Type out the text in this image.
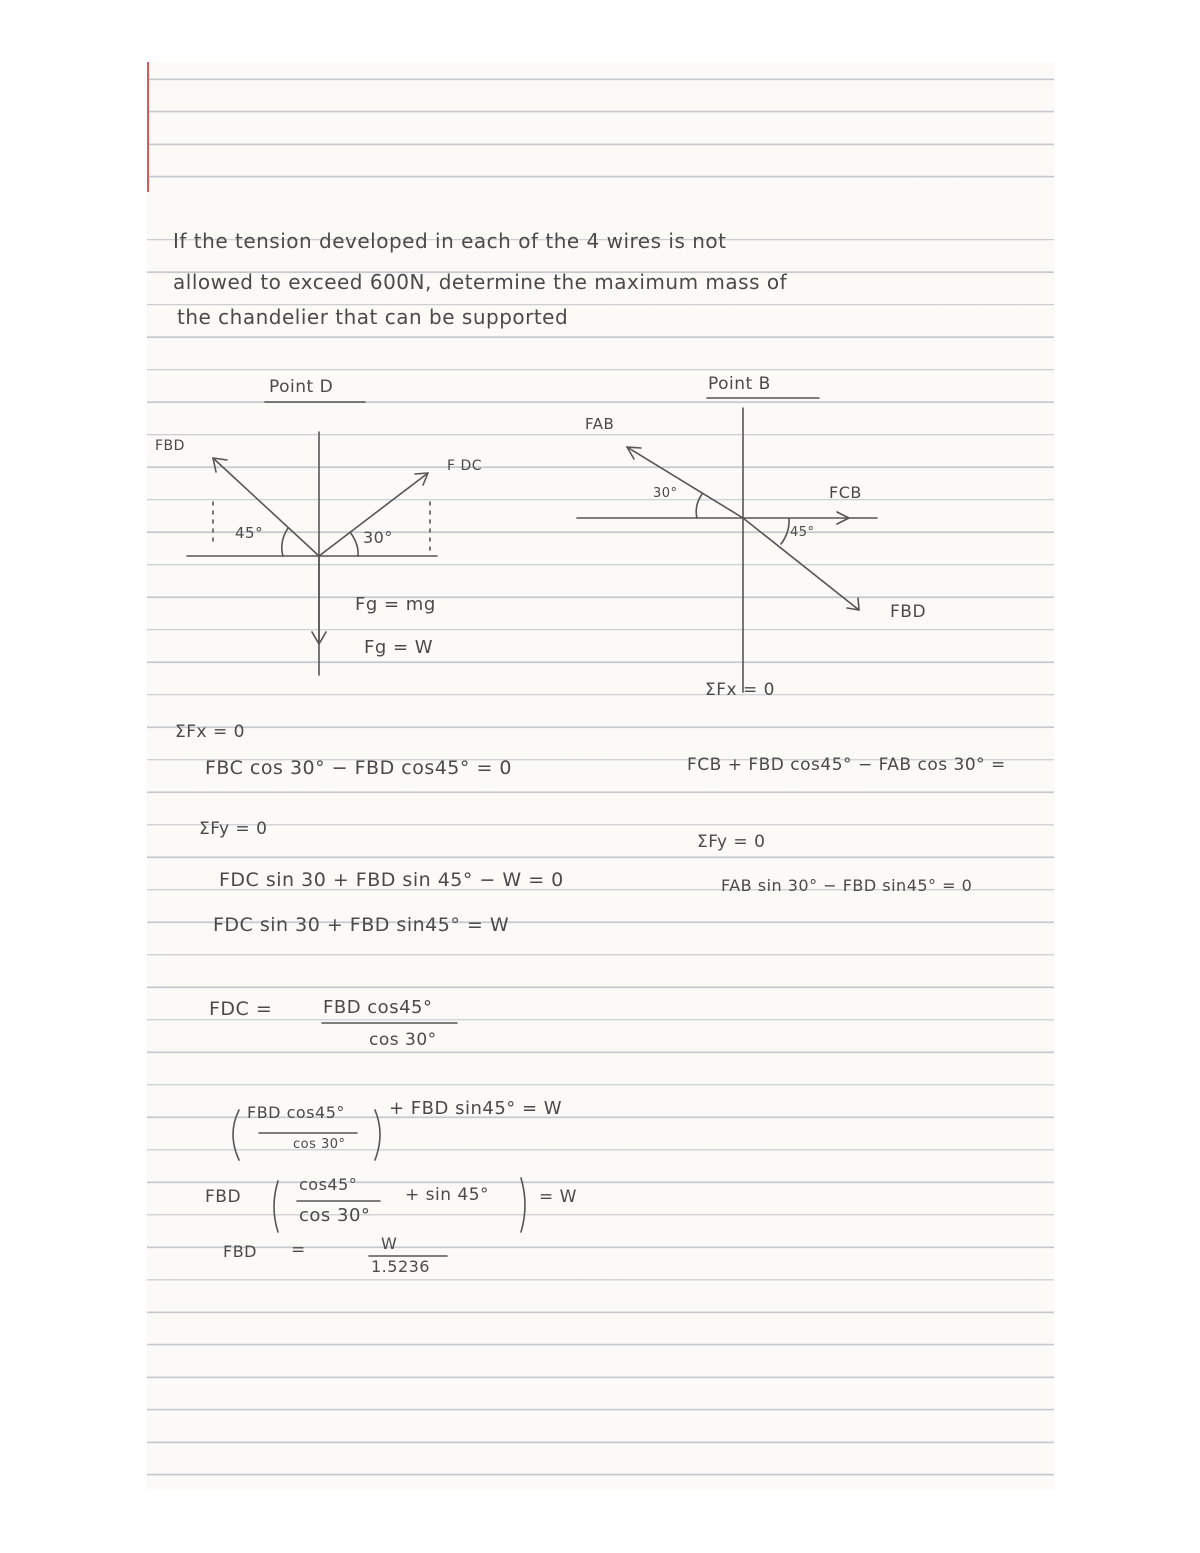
If the tension developed in each of the 4 wires is not
allowed to exceed 600N, determine the maximum mass of
the chandelier that can be supported
Point D
FBD
F DC
45°	30°
Fg = mg
Fg = W
Point B
FAB
FCB
30°
45°
FBD
ΣFx = 0
FBC cos 30° − FBD cos45° = 0
ΣFy = 0
FDC sin 30 + FBD sin 45° − W = 0
FDC sin 30 + FBD sin45° = W
FDC =	FBD cos45°
cos 30°
FBD cos45°
cos 30°
+ FBD sin45° = W
FBD
cos45°
cos 30°
+ sin 45°	= W
FBD =	W
1.5236
ΣFx = 0
FCB + FBD cos45° − FAB cos 30° =
ΣFy = 0
FAB sin 30° − FBD sin45° = 0
